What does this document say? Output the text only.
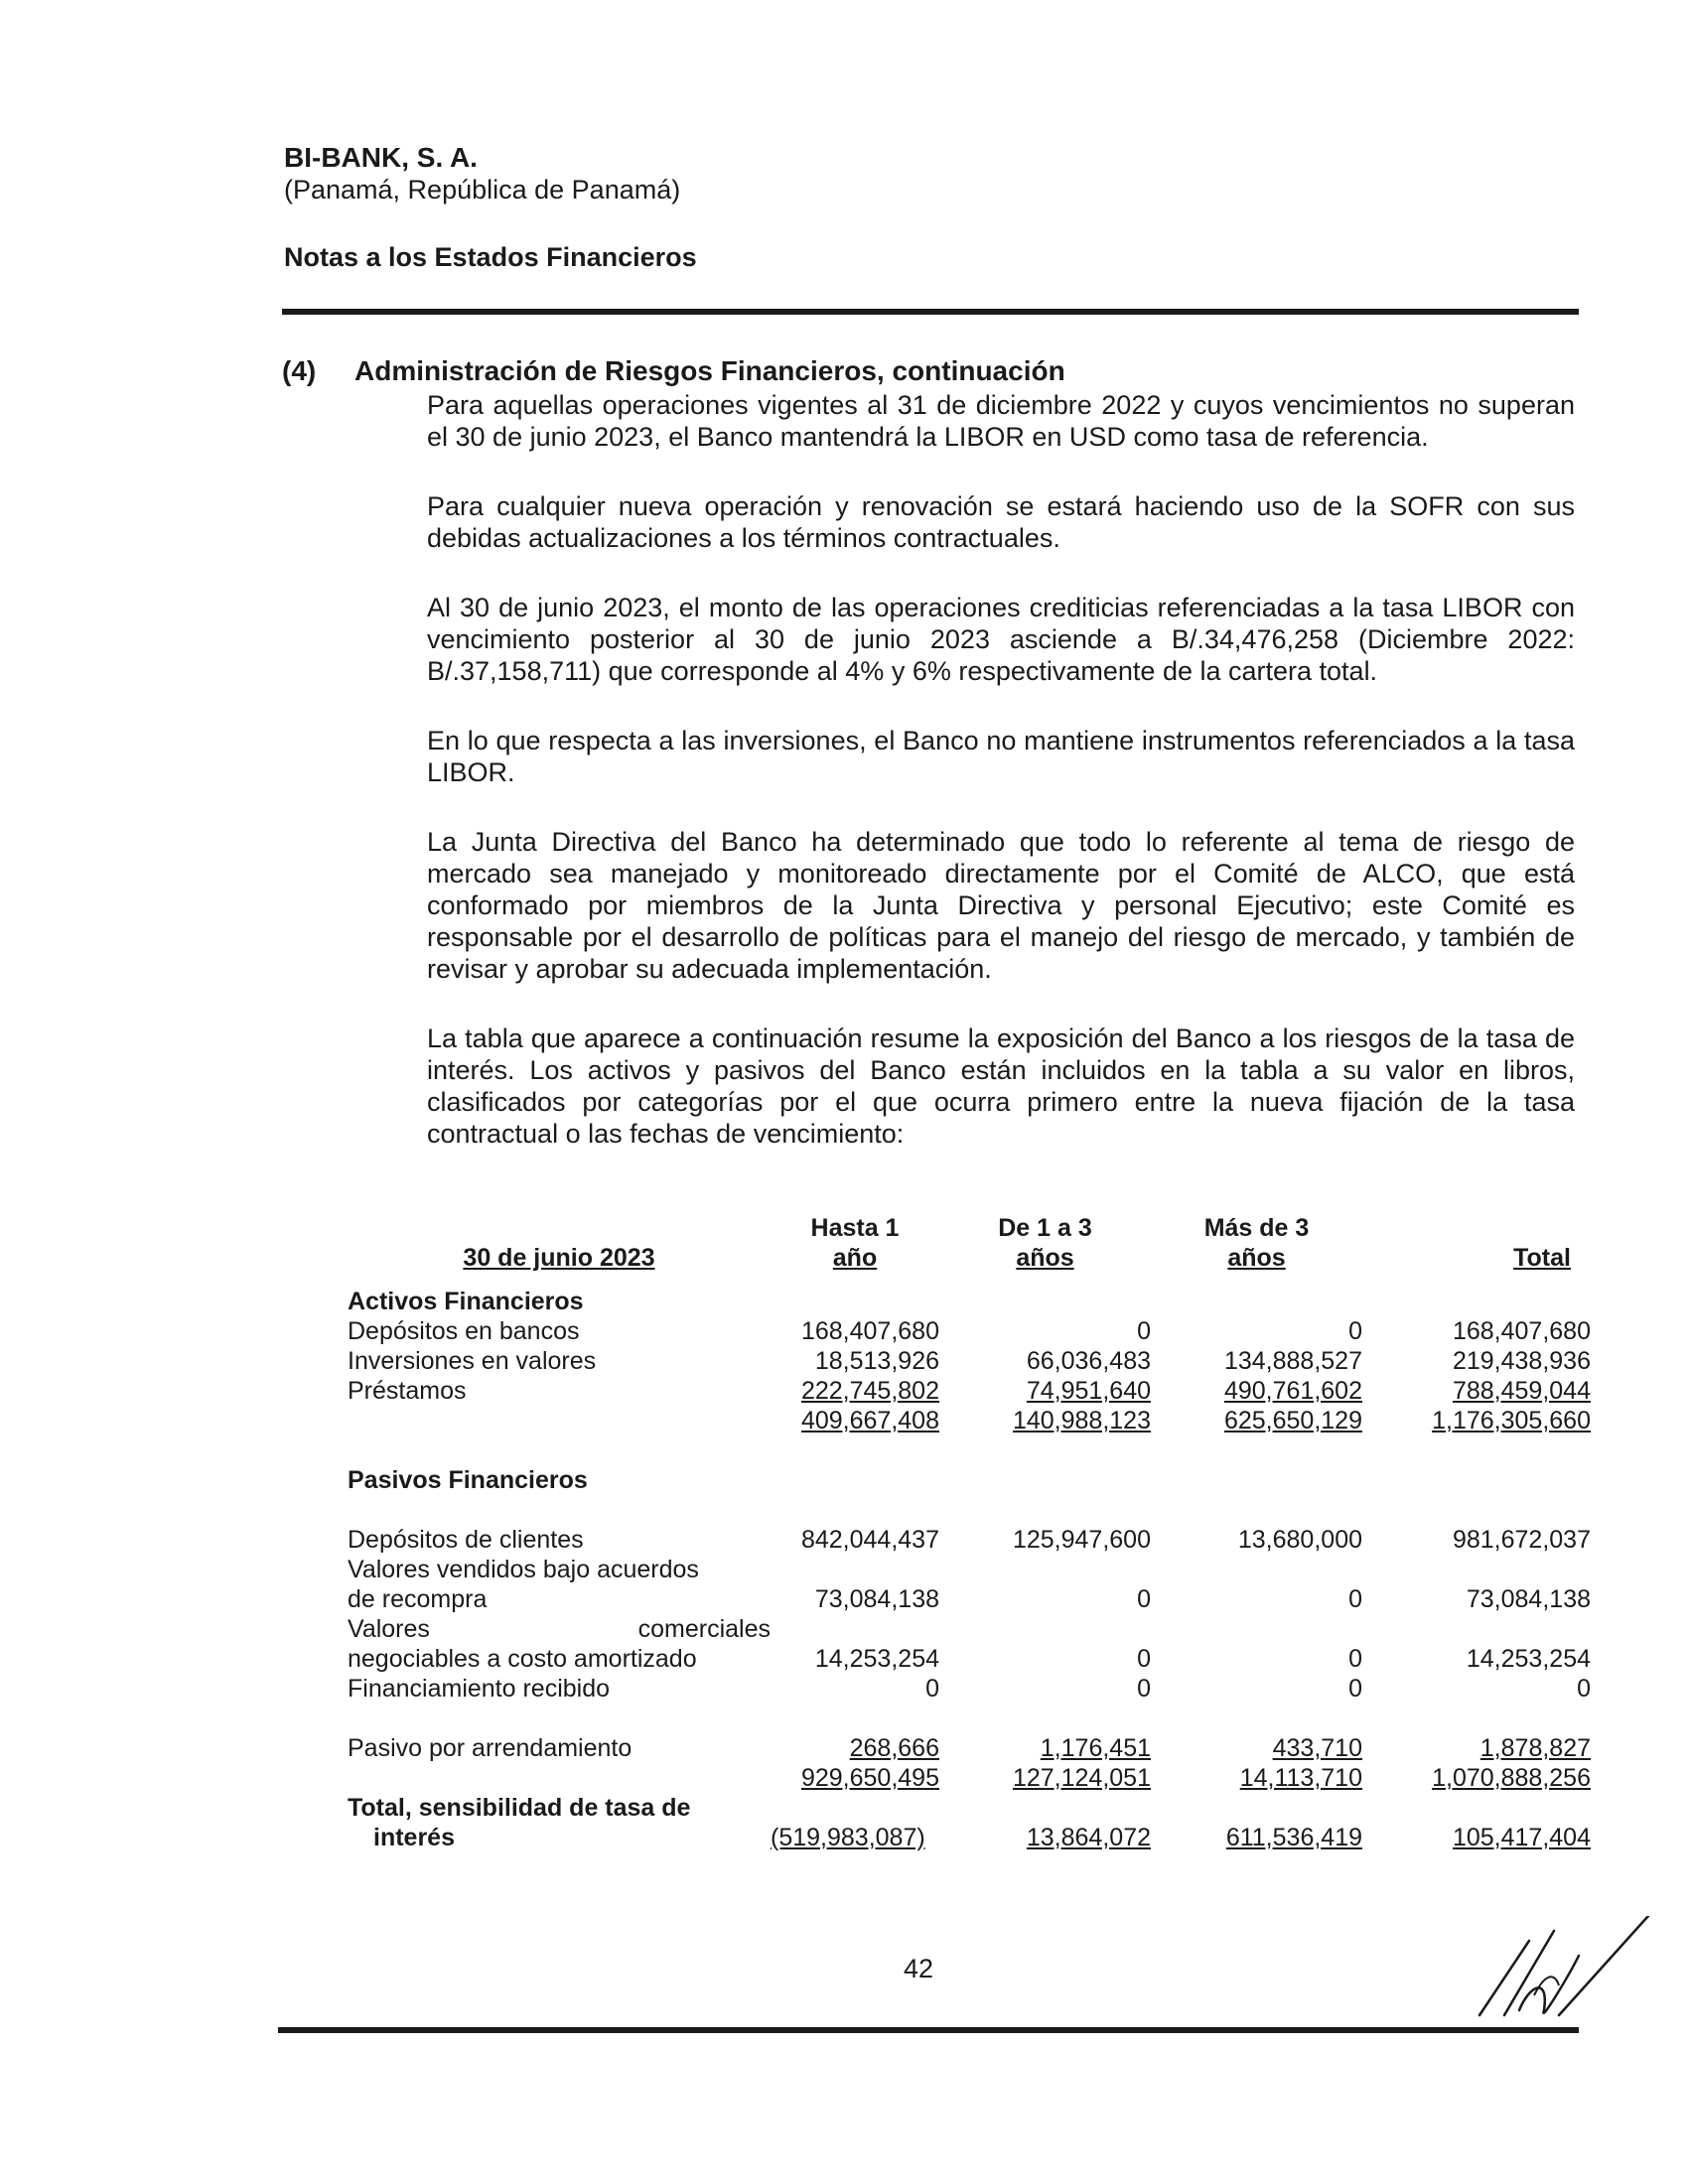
BI-BANK, S. A.
(Panamá, República de Panamá)
Notas a los Estados Financieros
(4) Administración de Riesgos Financieros, continuación

Para aquellas operaciones vigentes al 31 de diciembre 2022 y cuyos vencimientos no superan el 30 de junio 2023, el Banco mantendrá la LIBOR en USD como tasa de referencia.

Para cualquier nueva operación y renovación se estará haciendo uso de la SOFR con sus debidas actualizaciones a los términos contractuales.

Al 30 de junio 2023, el monto de las operaciones crediticias referenciadas a la tasa LIBOR con vencimiento posterior al 30 de junio 2023 asciende a B/.34,476,258 (Diciembre 2022: B/.37,158,711) que corresponde al 4% y 6% respectivamente de la cartera total.

En lo que respecta a las inversiones, el Banco no mantiene instrumentos referenciados a la tasa LIBOR.

La Junta Directiva del Banco ha determinado que todo lo referente al tema de riesgo de mercado sea manejado y monitoreado directamente por el Comité de ALCO, que está conformado por miembros de la Junta Directiva y personal Ejecutivo; este Comité es responsable por el desarrollo de políticas para el manejo del riesgo de mercado, y también de revisar y aprobar su adecuada implementación.

La tabla que aparece a continuación resume la exposición del Banco a los riesgos de la tasa de interés. Los activos y pasivos del Banco están incluidos en la tabla a su valor en libros, clasificados por categorías por el que ocurra primero entre la nueva fijación de la tasa contractual o las fechas de vencimiento:

	Hasta 1	De 1 a 3	Más de 3	
30 de junio 2023	año	años	años	Total

Activos Financieros				
Depósitos en bancos	168,407,680	0	0	168,407,680
Inversiones en valores	18,513,926	66,036,483	134,888,527	219,438,936
Préstamos	222,745,802	74,951,640	490,761,602	788,459,044
	409,667,408	140,988,123	625,650,129	1,176,305,660

Pasivos Financieros				

Depósitos de clientes	842,044,437	125,947,600	13,680,000	981,672,037
Valores vendidos bajo acuerdos				
de recompra	73,084,138	0	0	73,084,138
Valores comerciales				

negociables a costo amortizado	14,253,254	0	0	14,253,254
Financiamiento recibido	0	0	0	0

Pasivo por arrendamiento	268,666	1,176,451	433,710	1,878,827
	929,650,495	127,124,051	14,113,710	1,070,888,256
Total, sensibilidad de tasa de				
interés	(519,983,087)	13,864,072	611,536,419	105,417,404
42
